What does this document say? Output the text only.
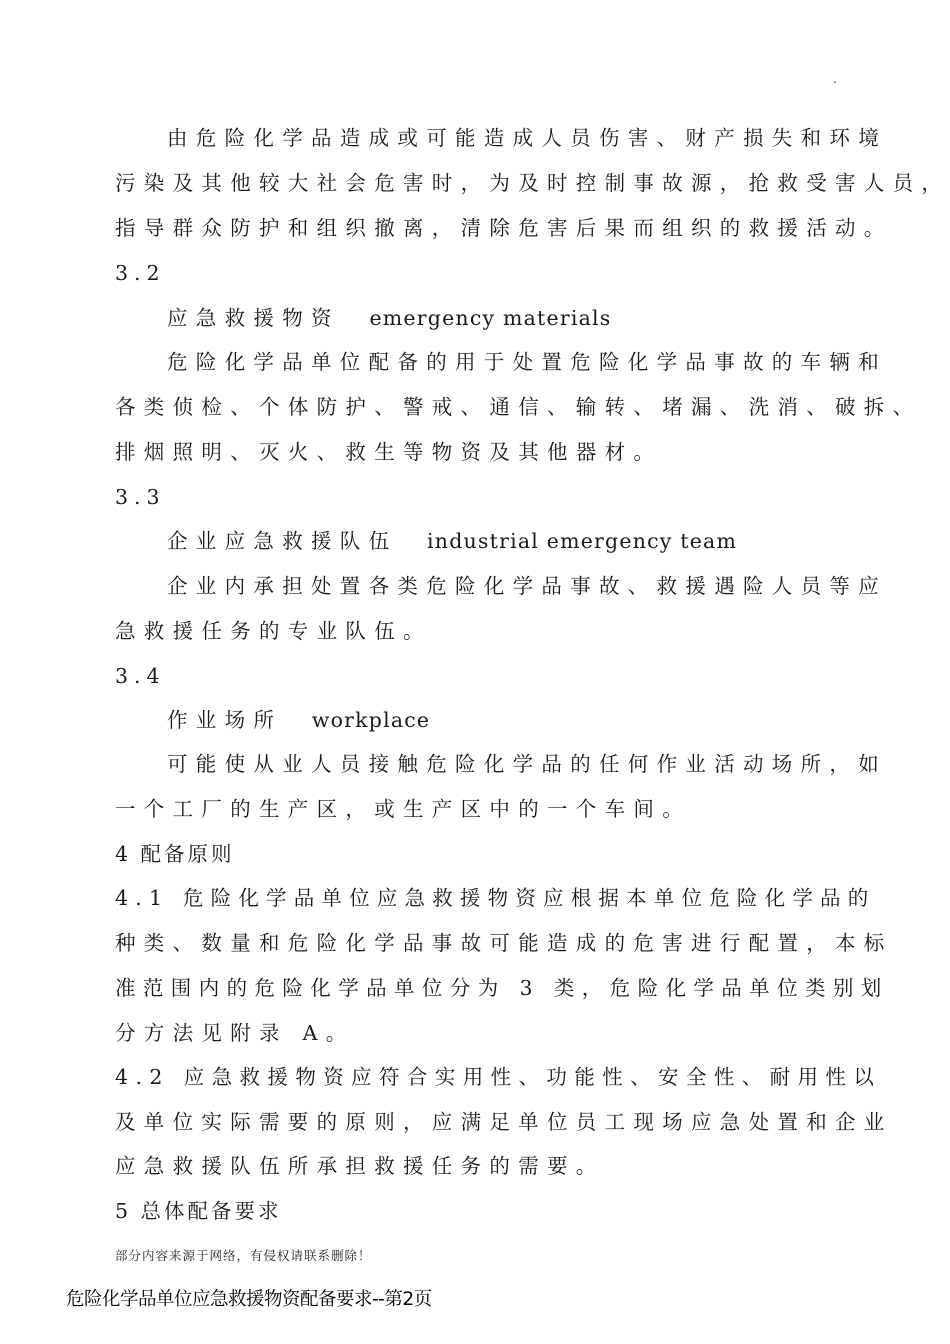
.
由危险化学品造成或可能造成人员伤害、财产损失和环境
污染及其他较大社会危害时，为及时控制事故源，抢救受害人员，
指导群众防护和组织撤离，清除危害后果而组织的救援活动。
3.2
应急救援物资 emergency materials
危险化学品单位配备的用于处置危险化学品事故的车辆和
各类侦检、个体防护、警戒、通信、输转、堵漏、洗消、破拆、
排烟照明、灭火、救生等物资及其他器材。
3.3
企业应急救援队伍 industrial emergency team
企业内承担处置各类危险化学品事故、救援遇险人员等应
急救援任务的专业队伍。
3.4
作业场所 workplace
可能使从业人员接触危险化学品的任何作业活动场所，如
一个工厂的生产区，或生产区中的一个车间。
4 配备原则
4.1 危险化学品单位应急救援物资应根据本单位危险化学品的
种类、数量和危险化学品事故可能造成的危害进行配置，本标
准范围内的危险化学品单位分为 3 类，危险化学品单位类别划
分方法见附录 A。
4.2 应急救援物资应符合实用性、功能性、安全性、耐用性以
及单位实际需要的原则，应满足单位员工现场应急处置和企业
应急救援队伍所承担救援任务的需要。
5 总体配备要求
部分内容来源于网络，有侵权请联系删除！
危险化学品单位应急救援物资配备要求--第2页
